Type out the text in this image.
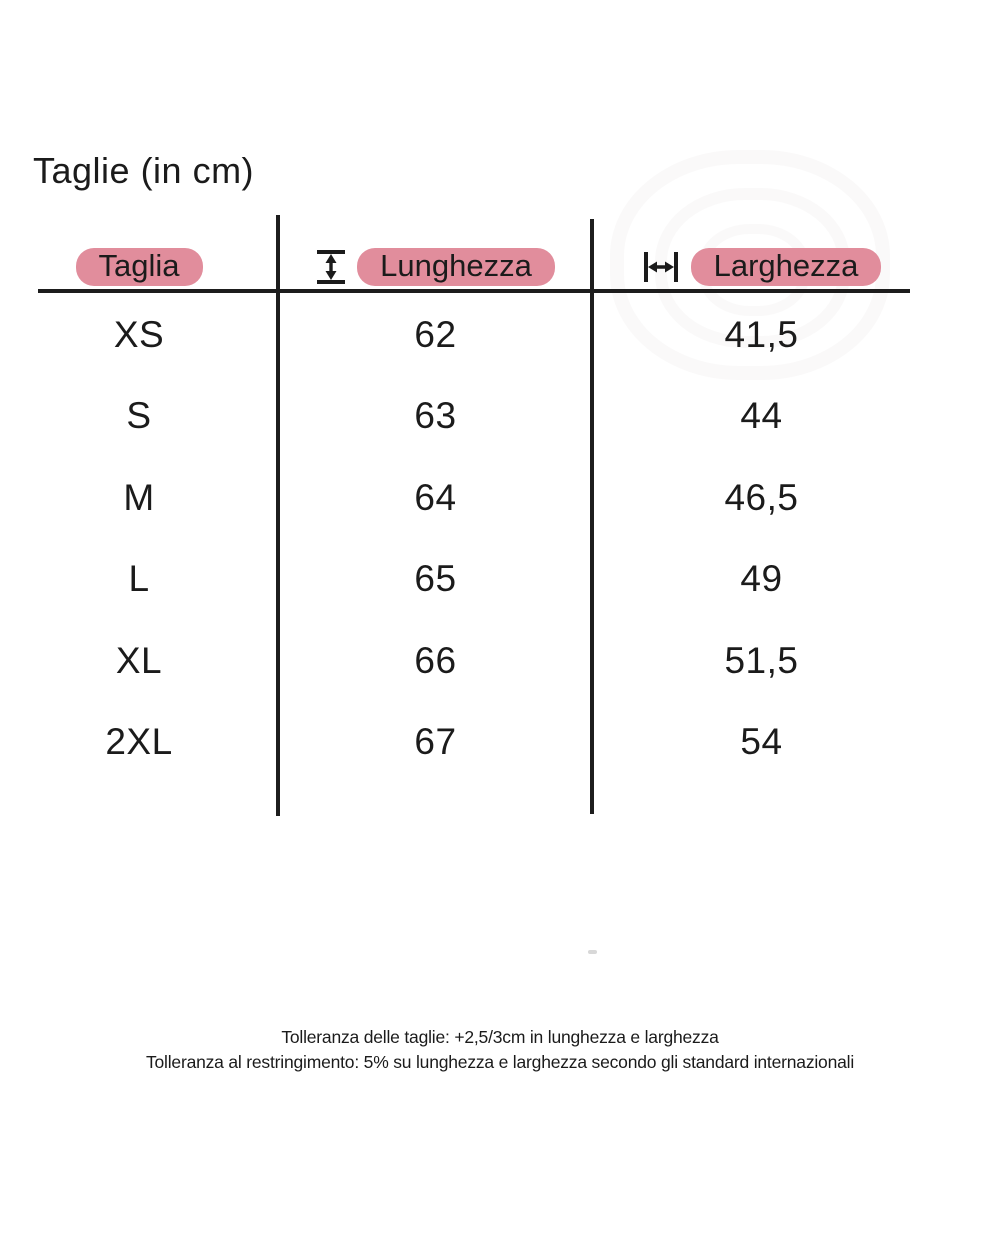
Taglie (in cm)
Taglia	Lunghezza	Larghezza
XS	62	41,5
S	63	44
M	64	46,5
L	65	49
XL	66	51,5
2XL	67	54
Tolleranza delle taglie: +2,5/3cm in lunghezza e larghezza
Tolleranza al restringimento: 5% su lunghezza e larghezza secondo gli standard internazionali
